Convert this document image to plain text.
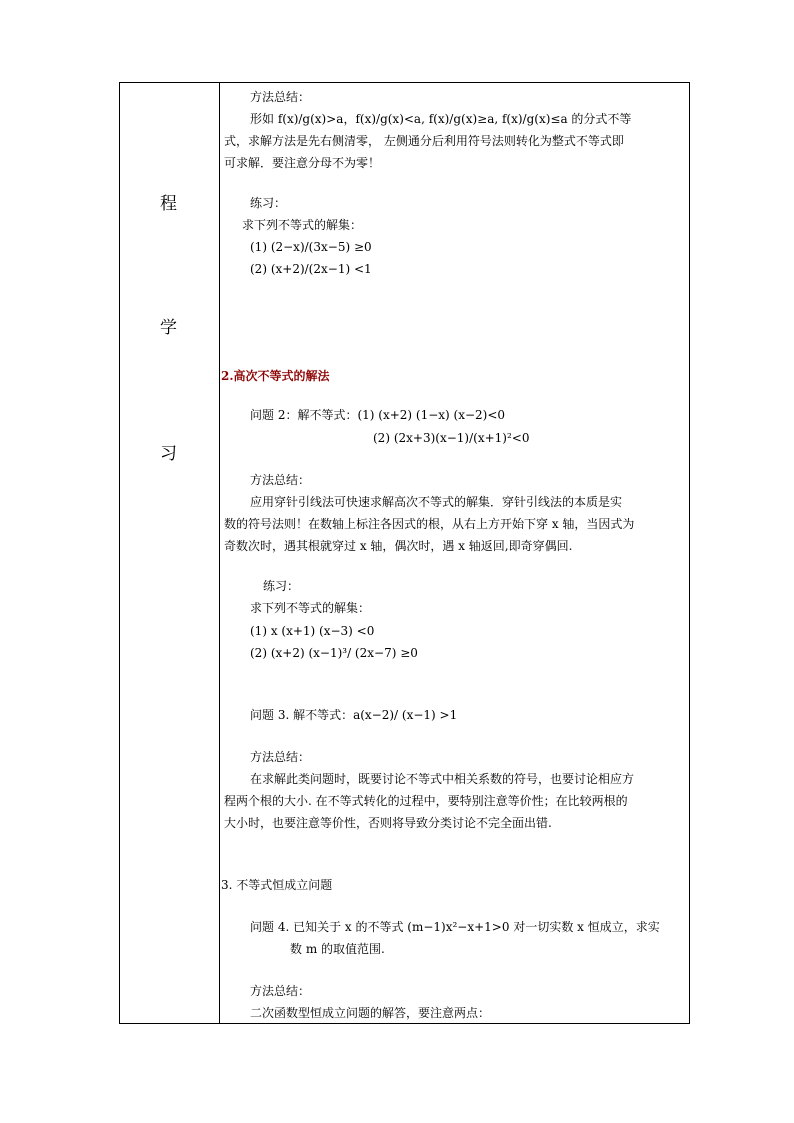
程
学
习
方法总结：
形如 f(x)/g(x)>a，f(x)/g(x)<a, f(x)/g(x)≥a, f(x)/g(x)≤a 的分式不等
式，求解方法是先右侧清零， 左侧通分后利用符号法则转化为整式不等式即
可求解．要注意分母不为零！
练习：
求下列不等式的解集：
(1) (2−x)/(3x−5) ≥0
(2) (x+2)/(2x−1) <1
2.高次不等式的解法
问题 2：解不等式：(1) (x+2) (1−x) (x−2)<0
(2) (2x+3)(x−1)/(x+1)²<0
方法总结：
应用穿针引线法可快速求解高次不等式的解集．穿针引线法的本质是实
数的符号法则！在数轴上标注各因式的根，从右上方开始下穿 x 轴，当因式为
奇数次时，遇其根就穿过 x 轴，偶次时，遇 x 轴返回,即奇穿偶回.
练习：
求下列不等式的解集：
(1) x (x+1) (x−3) <0
(2) (x+2) (x−1)³/ (2x−7) ≥0
问题 3. 解不等式：a(x−2)/ (x−1) >1
方法总结：
在求解此类问题时，既要讨论不等式中相关系数的符号，也要讨论相应方
程两个根的大小. 在不等式转化的过程中，要特别注意等价性；在比较两根的
大小时，也要注意等价性，否则将导致分类讨论不完全面出错.
3. 不等式恒成立问题
问题 4. 已知关于 x 的不等式 (m−1)x²−x+1>0 对一切实数 x 恒成立，求实
数 m 的取值范围.
方法总结：
二次函数型恒成立问题的解答，要注意两点：
